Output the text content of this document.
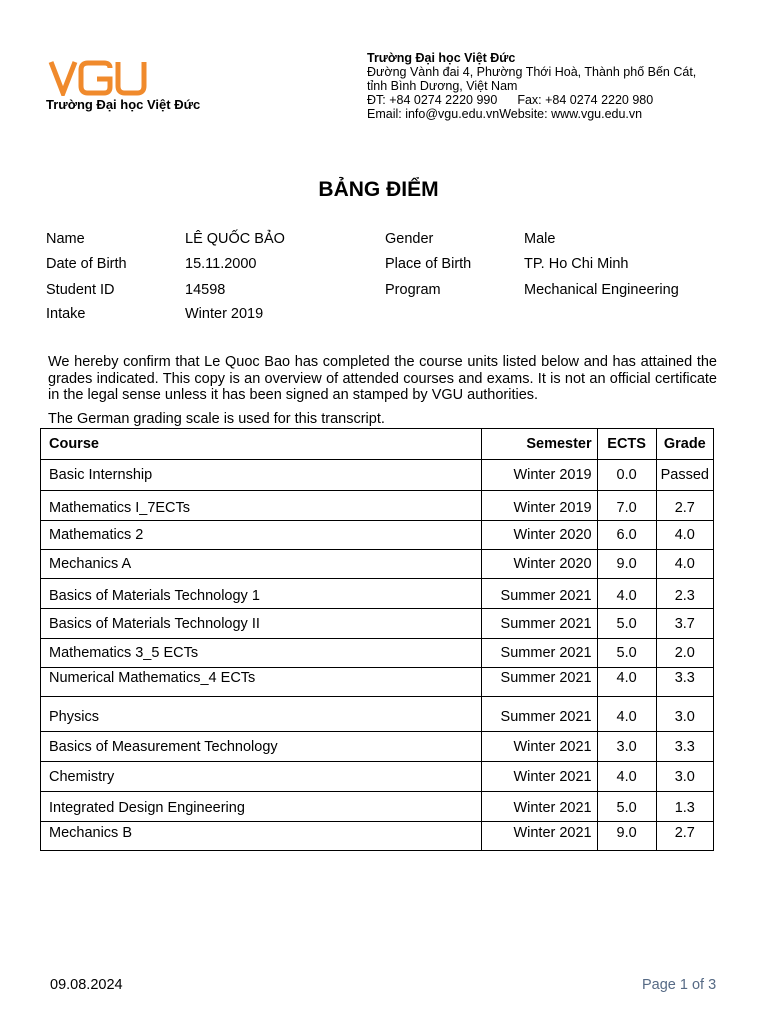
Trường Đại học Việt Đức
Trường Đại học Việt Đức
Đường Vành đai 4, Phường Thới Hoà, Thành phố Bến Cát,
tỉnh Bình Dương, Việt Nam
ĐT: +84 0274 2220 990 Fax: +84 0274 2220 980
Email: info@vgu.edu.vnWebsite: www.vgu.edu.vn
BẢNG ĐIỂM
Name	LÊ QUỐC BẢO	Gender	Male
Date of Birth	15.11.2000	Place of Birth	TP. Ho Chi Minh
Student ID	14598	Program	Mechanical Engineering
Intake	Winter 2019
We hereby confirm that Le Quoc Bao has completed the course units listed below and has attained the grades indicated. This copy is an overview of attended courses and exams. It is not an official certificate in the legal sense unless it has been signed an stamped by VGU authorities.
The German grading scale is used for this transcript.
Course	Semester	ECTS	Grade
Basic Internship	Winter 2019	0.0	Passed
Mathematics I_7ECTs	Winter 2019	7.0	2.7
Mathematics 2	Winter 2020	6.0	4.0
Mechanics A	Winter 2020	9.0	4.0
Basics of Materials Technology 1	Summer 2021	4.0	2.3
Basics of Materials Technology II	Summer 2021	5.0	3.7
Mathematics 3_5 ECTs	Summer 2021	5.0	2.0
Numerical Mathematics_4 ECTs	Summer 2021	4.0	3.3
Physics	Summer 2021	4.0	3.0
Basics of Measurement Technology	Winter 2021	3.0	3.3
Chemistry	Winter 2021	4.0	3.0
Integrated Design Engineering	Winter 2021	5.0	1.3
Mechanics B	Winter 2021	9.0	2.7
09.08.2024	Page 1 of 3
